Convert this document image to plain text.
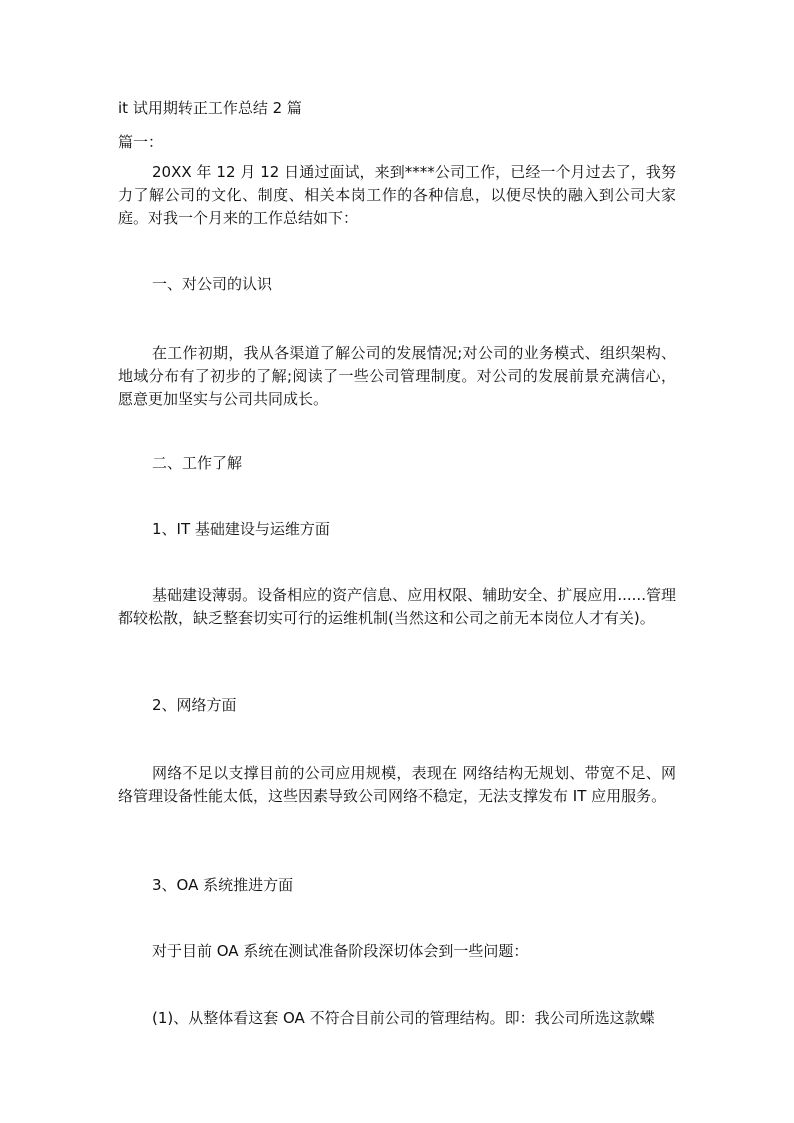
it 试用期转正工作总结 2 篇
篇一：
20XX 年 12 月 12 日通过面试，来到****公司工作，已经一个月过去了，我努力了解公司的文化、制度、相关本岗工作的各种信息，以便尽快的融入到公司大家庭。对我一个月来的工作总结如下：
一、对公司的认识
在工作初期，我从各渠道了解公司的发展情况;对公司的业务模式、组织架构、地域分布有了初步的了解;阅读了一些公司管理制度。对公司的发展前景充满信心，愿意更加坚实与公司共同成长。
二、工作了解
1、IT 基础建设与运维方面
基础建设薄弱。设备相应的资产信息、应用权限、辅助安全、扩展应用......管理都较松散，缺乏整套切实可行的运维机制(当然这和公司之前无本岗位人才有关)。
2、网络方面
网络不足以支撑目前的公司应用规模，表现在 网络结构无规划、带宽不足、网络管理设备性能太低，这些因素导致公司网络不稳定，无法支撑发布 IT 应用服务。
3、OA 系统推进方面
对于目前 OA 系统在测试准备阶段深切体会到一些问题：
(1)、从整体看这套 OA 不符合目前公司的管理结构。即：我公司所选这款蝶
